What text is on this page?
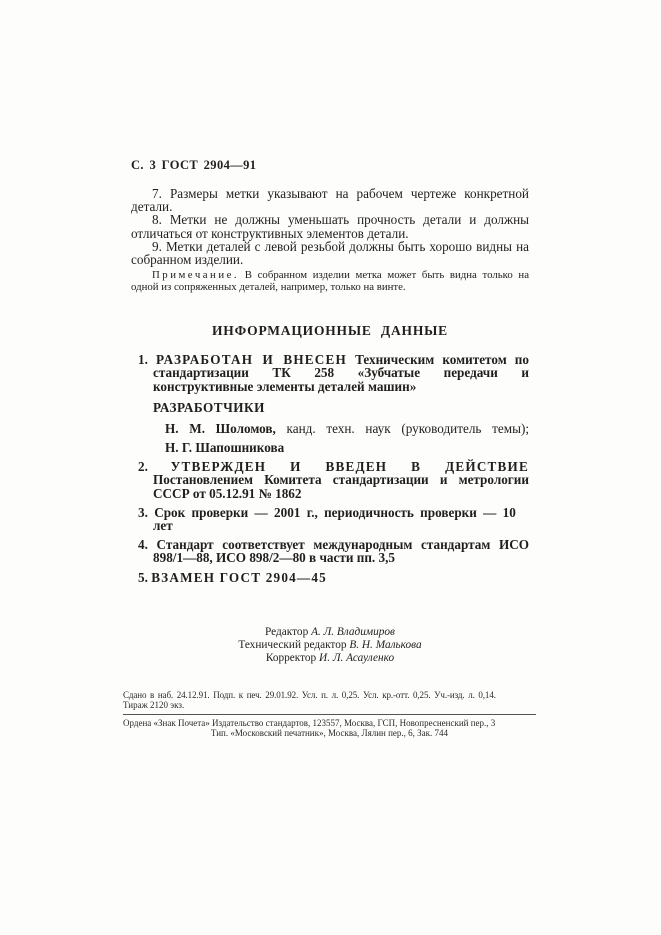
С. 3 ГОСТ 2904—91

7. Размеры метки указывают на рабочем чертеже конкретной детали.

8. Метки не должны уменьшать прочность детали и должны отличаться от конструктивных элементов детали.

9. Метки деталей с левой резьбой должны быть хорошо видны на собранном изделии.

Примечание. В собранном изделии метка может быть видна только на одной из сопряженных деталей, например, только на винте.

ИНФОРМАЦИОННЫЕ ДАННЫЕ

1. РАЗРАБОТАН И ВНЕСЕН Техническим комитетом по стандартизации ТК 258 «Зубчатые передачи и конструктивные элементы деталей машин»

РАЗРАБОТЧИКИ

Н. М. Шоломов, канд. техн. наук (руководитель темы);

Н. Г. Шапошникова

2. УТВЕРЖДЕН И ВВЕДЕН В ДЕЙСТВИЕ Постановлением Комитета стандартизации и метрологии СССР от 05.12.91 № 1862

3. Срок проверки — 2001 г., периодичность проверки — 10 лет

4. Стандарт соответствует международным стандартам ИСО 898/1—88, ИСО 898/2—80 в части пп. 3,5

5. ВЗАМЕН ГОСТ 2904—45

Редактор А. Л. Владимиров

Технический редактор В. Н. Малькова

Корректор И. Л. Асауленко

Сдано в наб. 24.12.91. Подп. к печ. 29.01.92. Усл. п. л. 0,25. Усл. кр.-отт. 0,25. Уч.-изд. л. 0,14.

Тираж 2120 экз.

Ордена «Знак Почета» Издательство стандартов, 123557, Москва, ГСП, Новопресненский пер., 3

Тип. «Московский печатник», Москва, Лялин пер., 6, Зак. 744
